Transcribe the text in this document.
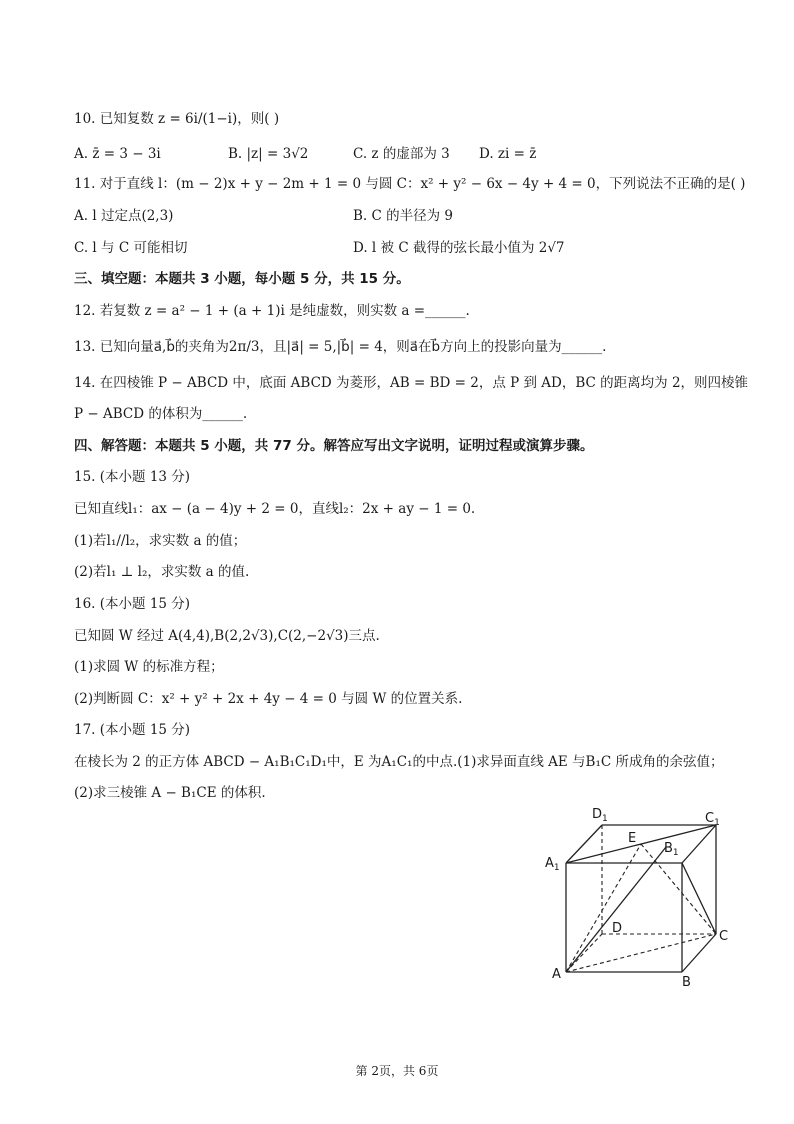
10. 已知复数 z = 6i/(1−i)，则( )
A. z̄ = 3 − 3i	B. |z| = 3√2	C. z 的虚部为 3 D. zi = z̄
11. 对于直线 l：(m − 2)x + y − 2m + 1 = 0 与圆 C：x² + y² − 6x − 4y + 4 = 0，下列说法不正确的是( )
A. l 过定点(2,3)	B. C 的半径为 9
C. l 与 C 可能相切	D. l 被 C 截得的弦长最小值为 2√7
三、填空题：本题共 3 小题，每小题 5 分，共 15 分。
12. 若复数 z = a² − 1 + (a + 1)i 是纯虚数，则实数 a =______.
13. 已知向量a⃗,b⃗的夹角为2π/3，且|a⃗| = 5,|b⃗| = 4，则a⃗在b⃗方向上的投影向量为______.
14. 在四棱锥 P − ABCD 中，底面 ABCD 为菱形，AB = BD = 2，点 P 到 AD，BC 的距离均为 2，则四棱锥
P − ABCD 的体积为______.
四、解答题：本题共 5 小题，共 77 分。解答应写出文字说明，证明过程或演算步骤。
15. (本小题 13 分)
已知直线l₁：ax − (a − 4)y + 2 = 0，直线l₂：2x + ay − 1 = 0.
(1)若l₁//l₂，求实数 a 的值；
(2)若l₁ ⊥ l₂，求实数 a 的值.
16. (本小题 15 分)
已知圆 W 经过 A(4,4),B(2,2√3),C(2,−2√3)三点.
(1)求圆 W 的标准方程；
(2)判断圆 C：x² + y² + 2x + 4y − 4 = 0 与圆 W 的位置关系.
17. (本小题 15 分)
在棱长为 2 的正方体 ABCD − A₁B₁C₁D₁中，E 为A₁C₁的中点.(1)求异面直线 AE 与B₁C 所成角的余弦值；
(2)求三棱锥 A − B₁CE 的体积.
$D_1$	$C_1$
$A_1$
$B_1$
E
D
C
A
B
第 2页，共 6页
